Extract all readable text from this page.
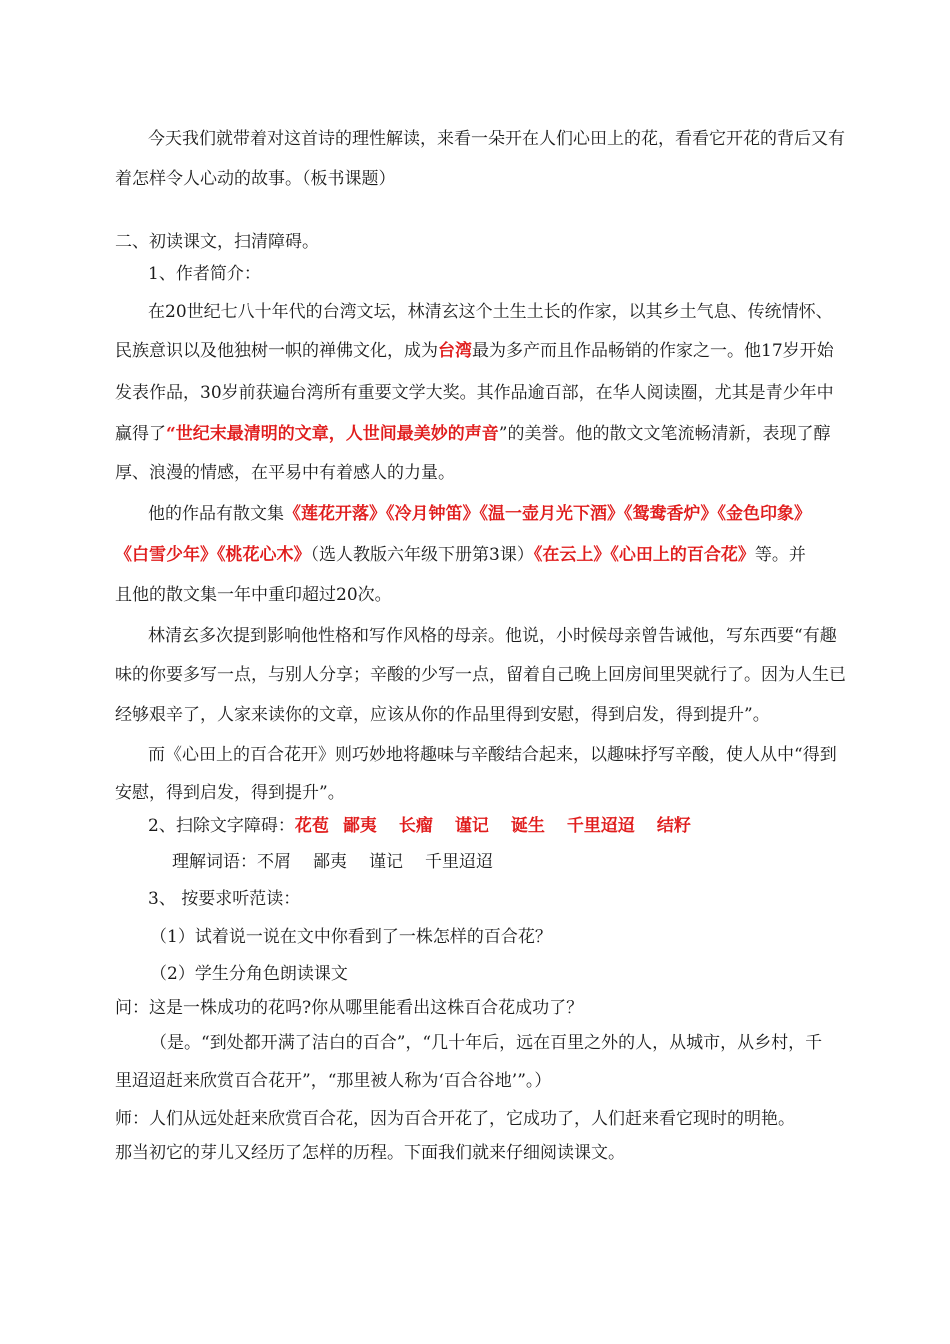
今天我们就带着对这首诗的理性解读，来看一朵开在人们心田上的花，看看它开花的背后又有
着怎样令人心动的故事。（板书课题）
二、初读课文，扫清障碍。
1、作者简介：
在20世纪七八十年代的台湾文坛，林清玄这个土生土长的作家，以其乡土气息、传统情怀、
民族意识以及他独树一帜的禅佛文化，成为台湾最为多产而且作品畅销的作家之一。他17岁开始
发表作品，30岁前获遍台湾所有重要文学大奖。其作品逾百部，在华人阅读圈，尤其是青少年中
赢得了“世纪末最清明的文章，人世间最美妙的声音”的美誉。他的散文文笔流畅清新，表现了醇
厚、浪漫的情感，在平易中有着感人的力量。
他的作品有散文集《莲花开落》《冷月钟笛》《温一壶月光下酒》《鸳鸯香炉》《金色印象》
《白雪少年》《桃花心木》（选人教版六年级下册第3课）《在云上》《心田上的百合花》等。并
且他的散文集一年中重印超过20次。
林清玄多次提到影响他性格和写作风格的母亲。他说，小时候母亲曾告诫他，写东西要“有趣
味的你要多写一点，与别人分享；辛酸的少写一点，留着自己晚上回房间里哭就行了。因为人生已
经够艰辛了，人家来读你的文章，应该从你的作品里得到安慰，得到启发，得到提升”。
而《心田上的百合花开》则巧妙地将趣味与辛酸结合起来，以趣味抒写辛酸，使人从中“得到
安慰，得到启发，得到提升”。
2、扫除文字障碍：花苞 鄙夷 长瘤 谨记 诞生 千里迢迢 结籽
理解词语：不屑 鄙夷 谨记 千里迢迢
3、 按要求听范读：
（1）试着说一说在文中你看到了一株怎样的百合花？
（2）学生分角色朗读课文
问：这是一株成功的花吗?你从哪里能看出这株百合花成功了？
（是。“到处都开满了洁白的百合”，“几十年后，远在百里之外的人，从城市，从乡村，千
里迢迢赶来欣赏百合花开”，“那里被人称为‘百合谷地’”。）
师：人们从远处赶来欣赏百合花，因为百合开花了，它成功了，人们赶来看它现时的明艳。
那当初它的芽儿又经历了怎样的历程。下面我们就来仔细阅读课文。
